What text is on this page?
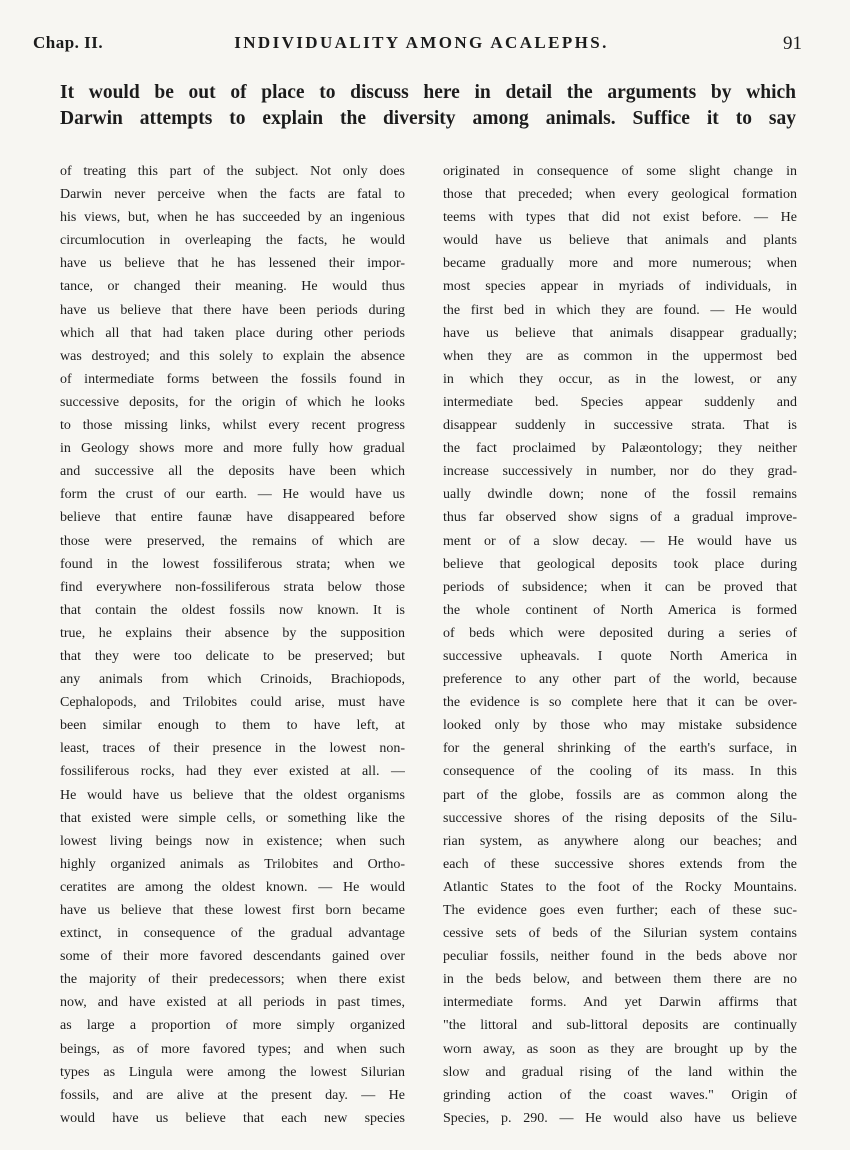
Chap. II.	INDIVIDUALITY AMONG ACALEPHS.	91
It would be out of place to discuss here in detail the arguments by which
Darwin attempts to explain the diversity among animals. Suffice it to say
of treating this part of the subject. Not only does
Darwin never perceive when the facts are fatal to
his views, but, when he has succeeded by an ingenious
circumlocution in overleaping the facts, he would
have us believe that he has lessened their impor-
tance, or changed their meaning. He would thus
have us believe that there have been periods during
which all that had taken place during other periods
was destroyed; and this solely to explain the absence
of intermediate forms between the fossils found in
successive deposits, for the origin of which he looks
to those missing links, whilst every recent progress
in Geology shows more and more fully how gradual
and successive all the deposits have been which
form the crust of our earth. — He would have us
believe that entire faunæ have disappeared before
those were preserved, the remains of which are
found in the lowest fossiliferous strata; when we
find everywhere non-fossiliferous strata below those
that contain the oldest fossils now known. It is
true, he explains their absence by the supposition
that they were too delicate to be preserved; but
any animals from which Crinoids, Brachiopods,
Cephalopods, and Trilobites could arise, must have
been similar enough to them to have left, at
least, traces of their presence in the lowest non-
fossiliferous rocks, had they ever existed at all. —
He would have us believe that the oldest organisms
that existed were simple cells, or something like the
lowest living beings now in existence; when such
highly organized animals as Trilobites and Ortho-
ceratites are among the oldest known. — He would
have us believe that these lowest first born became
extinct, in consequence of the gradual advantage
some of their more favored descendants gained over
the majority of their predecessors; when there exist
now, and have existed at all periods in past times,
as large a proportion of more simply organized
beings, as of more favored types; and when such
types as Lingula were among the lowest Silurian
fossils, and are alive at the present day. — He
would have us believe that each new species
originated in consequence of some slight change in
those that preceded; when every geological formation
teems with types that did not exist before. — He
would have us believe that animals and plants
became gradually more and more numerous; when
most species appear in myriads of individuals, in
the first bed in which they are found. — He would
have us believe that animals disappear gradually;
when they are as common in the uppermost bed
in which they occur, as in the lowest, or any
intermediate bed. Species appear suddenly and
disappear suddenly in successive strata. That is
the fact proclaimed by Palæontology; they neither
increase successively in number, nor do they grad-
ually dwindle down; none of the fossil remains
thus far observed show signs of a gradual improve-
ment or of a slow decay. — He would have us
believe that geological deposits took place during
periods of subsidence; when it can be proved that
the whole continent of North America is formed
of beds which were deposited during a series of
successive upheavals. I quote North America in
preference to any other part of the world, because
the evidence is so complete here that it can be over-
looked only by those who may mistake subsidence
for the general shrinking of the earth's surface, in
consequence of the cooling of its mass. In this
part of the globe, fossils are as common along the
successive shores of the rising deposits of the Silu-
rian system, as anywhere along our beaches; and
each of these successive shores extends from the
Atlantic States to the foot of the Rocky Mountains.
The evidence goes even further; each of these suc-
cessive sets of beds of the Silurian system contains
peculiar fossils, neither found in the beds above nor
in the beds below, and between them there are no
intermediate forms. And yet Darwin affirms that
"the littoral and sub-littoral deposits are continually
worn away, as soon as they are brought up by the
slow and gradual rising of the land within the
grinding action of the coast waves." Origin of
Species, p. 290. — He would also have us believe
